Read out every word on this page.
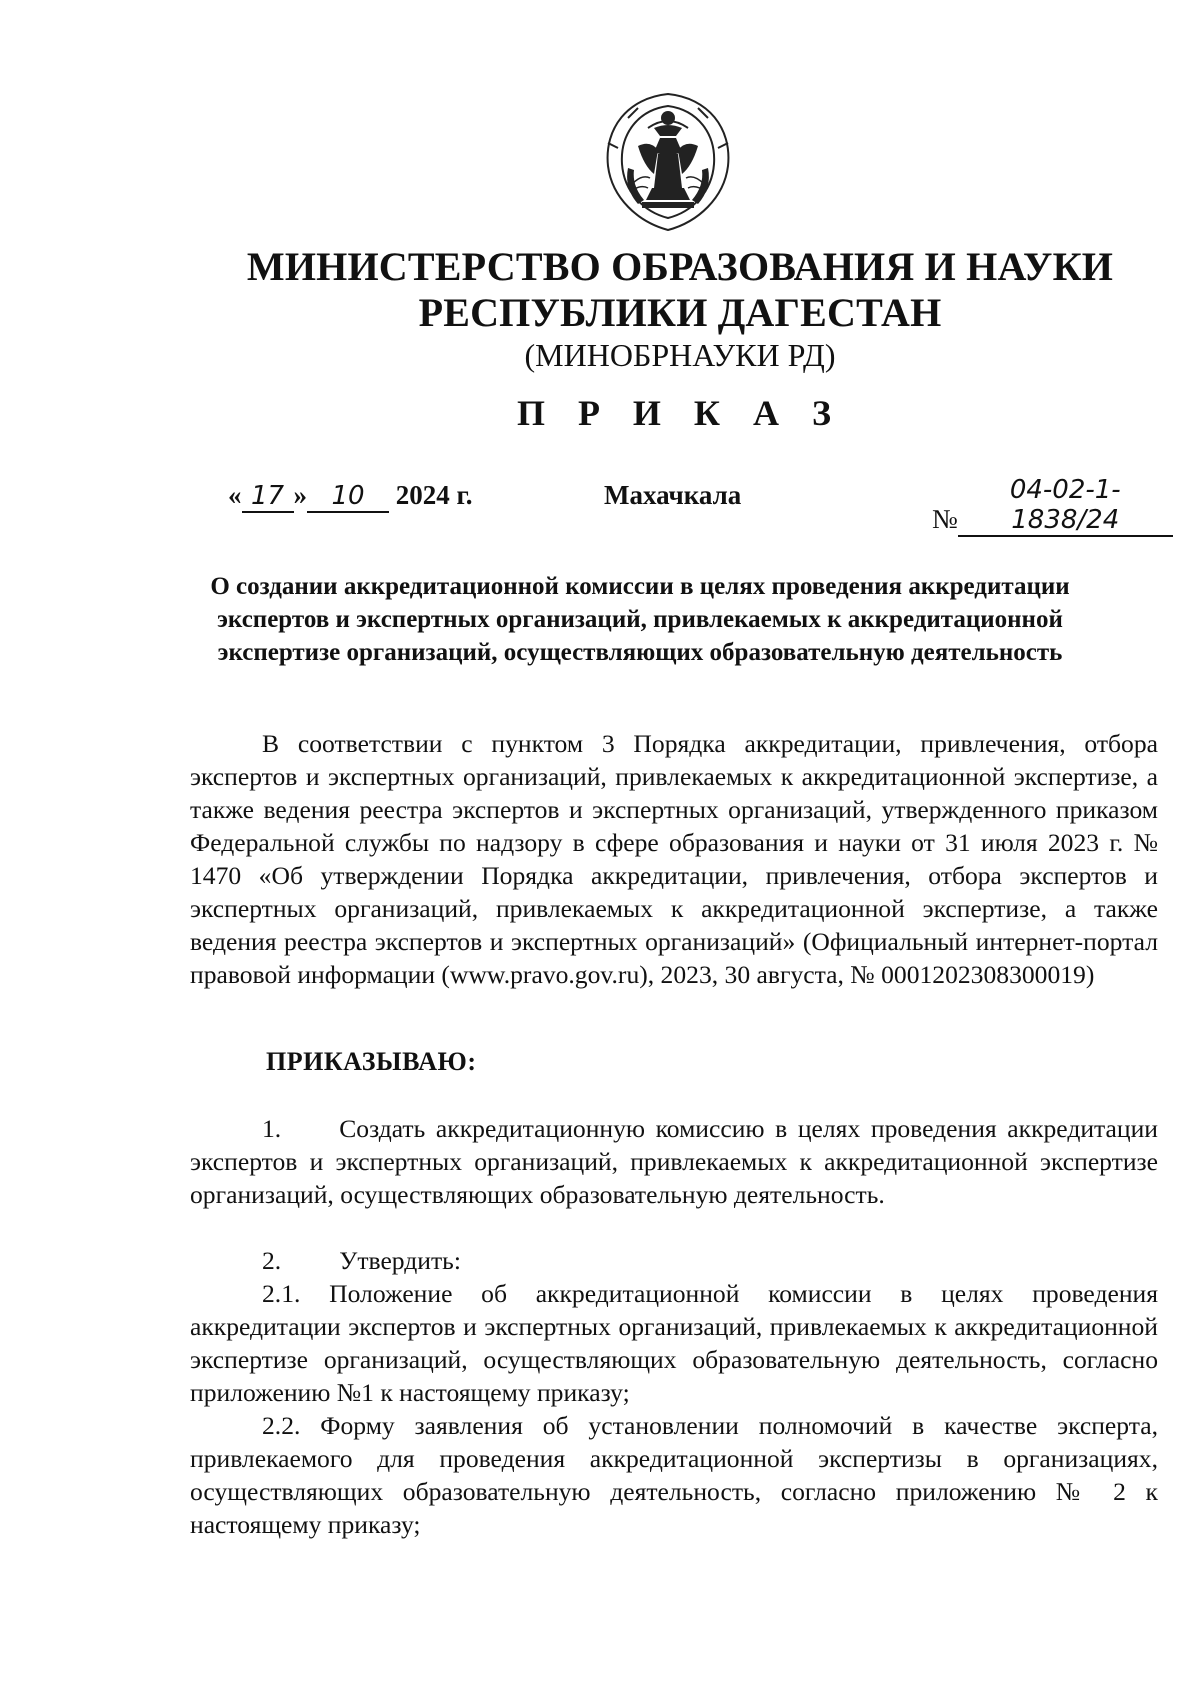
МИНИСТЕРСТВО ОБРАЗОВАНИЯ И НАУКИ
РЕСПУБЛИКИ ДАГЕСТАН
(МИНОБРНАУКИ РД)
П Р И К А З
« 17 » 10 2024 г.	Махачкала
№04-02-1-1838/24
О создании аккредитационной комиссии в целях проведения аккредитации экспертов и экспертных организаций, привлекаемых к аккредитационной экспертизе организаций, осуществляющих образовательную деятельность
В соответствии с пунктом 3 Порядка аккредитации, привлечения, отбора экспертов и экспертных организаций, привлекаемых к аккредитационной экспертизе, а также ведения реестра экспертов и экспертных организаций, утвержденного приказом Федеральной службы по надзору в сфере образования и науки от 31 июля 2023 г. № 1470 «Об утверждении Порядка аккредитации, привлечения, отбора экспертов и экспертных организаций, привлекаемых к аккредитационной экспертизе, а также ведения реестра экспертов и экспертных организаций» (Официальный интернет-портал правовой информации (www.pravo.gov.ru), 2023, 30 августа, № 0001202308300019)
ПРИКАЗЫВАЮ:
1. Создать аккредитационную комиссию в целях проведения аккредитации экспертов и экспертных организаций, привлекаемых к аккредитационной экспертизе организаций, осуществляющих образовательную деятельность.
2. Утвердить:
2.1. Положение об аккредитационной комиссии в целях проведения аккредитации экспертов и экспертных организаций, привлекаемых к аккредитационной экспертизе организаций, осуществляющих образовательную деятельность, согласно приложению №1 к настоящему приказу;
2.2. Форму заявления об установлении полномочий в качестве эксперта, привлекаемого для проведения аккредитационной экспертизы в организациях, осуществляющих образовательную деятельность, согласно приложению № 2 к настоящему приказу;
